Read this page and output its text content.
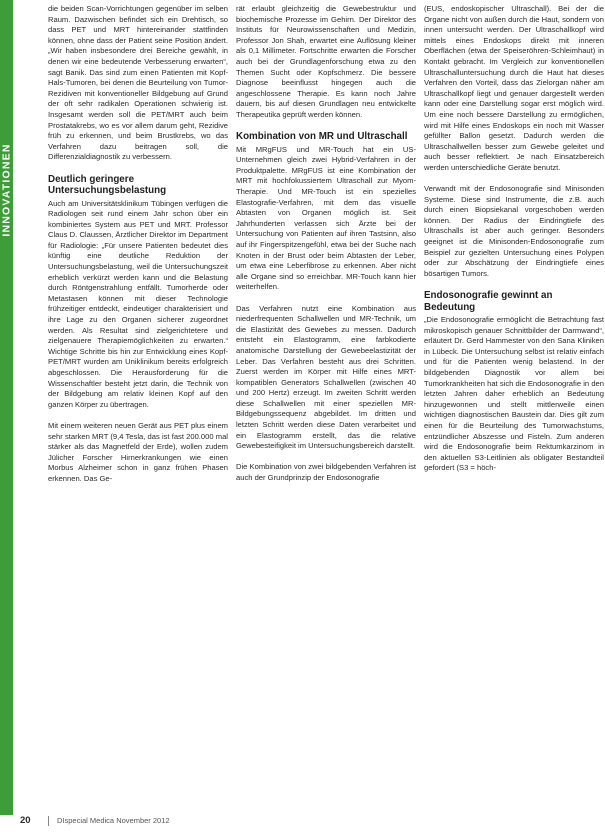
INNOVATIONEN

die beiden Scan-Vorrichtungen gegenüber im selben Raum. Dazwischen befindet sich ein Drehtisch, so dass PET und MRT hintereinander stattfinden können, ohne dass der Patient seine Position ändert. „Wir haben insbesondere drei Bereiche gewählt, in denen wir eine bedeutende Verbesserung erwarten“, sagt Banik. Das sind zum einen Patienten mit Kopf-Hals-Tumoren, bei denen die Beurteilung von Tumor-Rezidiven mit konventioneller Bildgebung auf Grund der oft sehr radikalen Operationen schwierig ist. Insgesamt werden soll die PET/MRT auch beim Prostatakrebs, wo es vor allem darum geht, Rezidive früh zu erkennen, und beim Brustkrebs, wo das Verfahren dazu beitragen soll, die Differenzialdiagnostik zu verbessern.

Deutlich geringere Untersuchungsbelastung

Auch am Universitätsklinikum Tübingen verfügen die Radiologen seit rund einem Jahr schon über ein kombiniertes System aus PET und MRT. Professor Claus D. Claussen, Ärztlicher Direktor im Department für Radiologie: „Für unsere Patienten bedeutet dies künftig eine deutliche Reduktion der Untersuchungsbelastung, weil die Untersuchungszeit erheblich verkürzt werden kann und die Belastung durch Röntgenstrahlung entfällt. Tumorherde oder Metastasen können mit dieser Technologie frühzeitiger entdeckt, eindeutiger charakterisiert und ihre Lage zu den Organen sicherer zugeordnet werden. Als Resultat sind zielgerichtetere und zielgenauere Therapiemöglichkeiten zu erwarten.“ Wichtige Schritte bis hin zur Entwicklung eines Kopf-PET/MRT wurden am Uniklinikum bereits erfolgreich abgeschlossen. Die Herausforderung für die Wissenschaftler besteht jetzt darin, die Technik von der Bildgebung am relativ kleinen Kopf auf den ganzen Körper zu übertragen.

Mit einem weiteren neuen Gerät aus PET plus einem sehr starken MRT (9,4 Tesla, das ist fast 200.000 mal stärker als das Magnetfeld der Erde), wollen zudem Jülicher Forscher Hirnerkrankungen wie einen Morbus Alzheimer schon in ganz frühen Phasen erkennen. Das Ge-

rät erlaubt gleichzeitig die Gewebestruktur und biochemische Prozesse im Gehirn. Der Direktor des Instituts für Neurowissenschaften und Medizin, Professor Jon Shah, erwartet eine Auflösung kleiner als 0,1 Millimeter. Fortschritte erwarten die Forscher auch bei der Grundlagenforschung etwa zu den Themen Sucht oder Kopfschmerz. Die bessere Diagnose beeinflusst hingegen auch die angeschlossene Therapie. Es kann noch Jahre dauern, bis auf diesen Grundlagen neu entwickelte Therapeutika geprüft werden können.

Kombination von MR und Ultraschall

Mit MRgFUS und MR-Touch hat ein US-Unternehmen gleich zwei Hybrid-Verfahren in der Produktpalette. MRgFUS ist eine Kombination der MRT mit hochfokussiertem Ultraschall zur Myom-Therapie. Und MR-Touch ist ein spezielles Elastografie-Verfahren, mit dem das visuelle Abtasten von Organen möglich ist. Seit Jahrhunderten verlassen sich Ärzte bei der Untersuchung von Patienten auf ihren Tastsinn, also auf ihr Fingerspitzengefühl, etwa bei der Suche nach Knoten in der Brust oder beim Abtasten der Leber, um etwa eine Leberfibrose zu erkennen. Aber nicht alle Organe sind so erreichbar. MR-Touch kann hier weiterhelfen.

Das Verfahren nutzt eine Kombination aus niederfrequenten Schallwellen und MR-Technik, um die Elastizität des Gewebes zu messen. Dadurch entsteht ein Elastogramm, eine farbkodierte anatomische Darstellung der Gewebeelastizität der Leber. Das Verfahren besteht aus drei Schritten. Zuerst werden im Körper mit Hilfe eines MRT-kompatiblen Generators Schallwellen (zwischen 40 und 200 Hertz) erzeugt. Im zweiten Schritt werden diese Schallwellen mit einer speziellen MR-Bildgebungssequenz abgebildet. Im dritten und letzten Schritt werden diese Daten verarbeitet und ein Elastogramm erstellt, das die relative Gewebesteifigkeit im Untersuchungsbereich darstellt.

Die Kombination von zwei bildgebenden Verfahren ist auch der Grundprinzip der Endosonografie

(EUS, endoskopischer Ultraschall). Bei der die Organe nicht von außen durch die Haut, sondern von innen untersucht werden. Der Ultraschallkopf wird mittels eines Endoskops direkt mit inneren Oberflächen (etwa der Speiseröhren-Schleimhaut) in Kontakt gebracht. Im Vergleich zur konventionellen Ultraschalluntersuchung durch die Haut hat dieses Verfahren den Vorteil, dass das Zielorgan näher am Ultraschallkopf liegt und genauer dargestellt werden kann oder eine Darstellung sogar erst möglich wird. Um eine noch bessere Darstellung zu ermöglichen, wird mit Hilfe eines Endoskops ein noch mit Wasser gefüllter Ballon gesetzt. Dadurch werden die Ultraschallwellen besser zum Gewebe geleitet und auch besser reflektiert. Je nach Einsatzbereich werden unterschiedliche Geräte benutzt.

Verwandt mit der Endosonografie sind Minisonden Systeme. Diese sind Instrumente, die z.B. auch durch einen Biopsiekanal vorgeschoben werden können. Der Radius der Eindringtiefe des Ultraschalls ist aber auch geringer. Besonders geeignet ist die Minisonden-Endosonografie zum Beispiel zur gezielten Untersuchung eines Polypen oder zur Abschätzung der Eindringtiefe eines bösartigen Tumors.

Endosonografie gewinnt an Bedeutung

„Die Endosonografie ermöglicht die Betrachtung fast mikroskopisch genauer Schnittbilder der Darmwand“, erläutert Dr. Gerd Hammester von den Sana Kliniken in Lübeck. Die Untersuchung selbst ist relativ einfach und für die Patienten wenig belastend. In der bildgebenden Diagnostik vor allem bei Tumorkrankheiten hat sich die Endosonografie in den letzten Jahren daher erheblich an Bedeutung hinzugewonnen und stellt mittlerweile einen wichtigen diagnostischen Baustein dar. Dies gilt zum einen für die Beurteilung des Tumorwachstums, entzündlicher Abszesse und Fisteln. Zum anderen wird die Endosonografie beim Rektumkarzinom in den aktuellen S3-Leitlinien als obligater Bestandteil gefordert (S3 = höch-

20	DIspecial Medica November 2012
